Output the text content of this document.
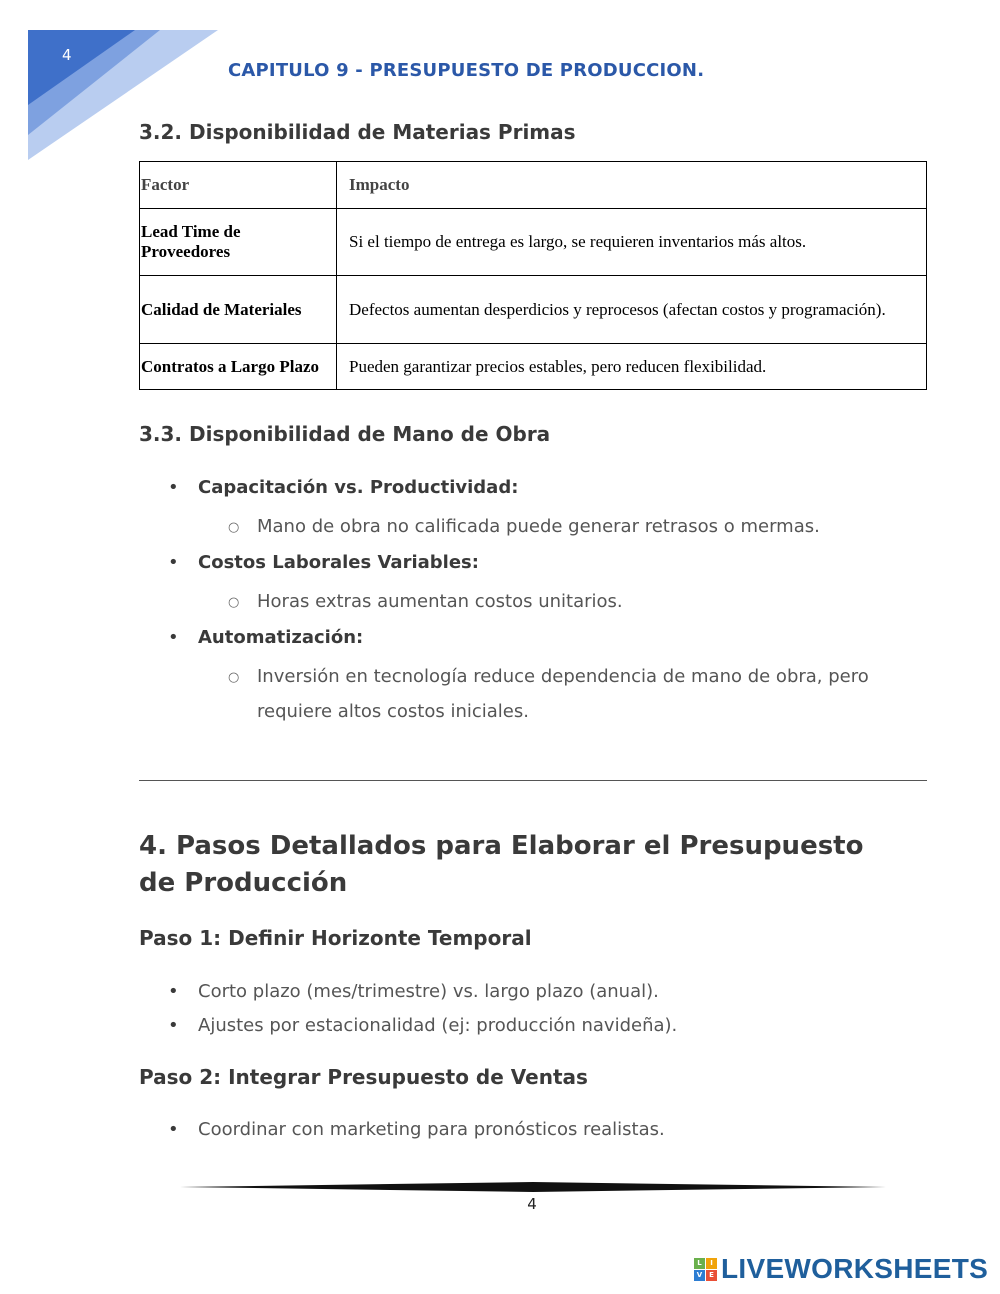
4
CAPITULO 9 - PRESUPUESTO DE PRODUCCION.
3.2. Disponibilidad de Materias Primas
Factor	Impacto
Lead Time de Proveedores	Si el tiempo de entrega es largo, se requieren inventarios más altos.
Calidad de Materiales	Defectos aumentan desperdicios y reprocesos (afectan costos y programación).
Contratos a Largo Plazo	Pueden garantizar precios estables, pero reducen flexibilidad.
3.3. Disponibilidad de Mano de Obra
• Capacitación vs. Productividad:
○ Mano de obra no calificada puede generar retrasos o mermas.
• Costos Laborales Variables:
○ Horas extras aumentan costos unitarios.
• Automatización:
○ Inversión en tecnología reduce dependencia de mano de obra, pero requiere altos costos iniciales.
4. Pasos Detallados para Elaborar el Presupuesto de Producción
Paso 1: Definir Horizonte Temporal
• Corto plazo (mes/trimestre) vs. largo plazo (anual).
• Ajustes por estacionalidad (ej: producción navideña).
Paso 2: Integrar Presupuesto de Ventas
• Coordinar con marketing para pronósticos realistas.
4
L	I
V E LIVEWORKSHEETS
